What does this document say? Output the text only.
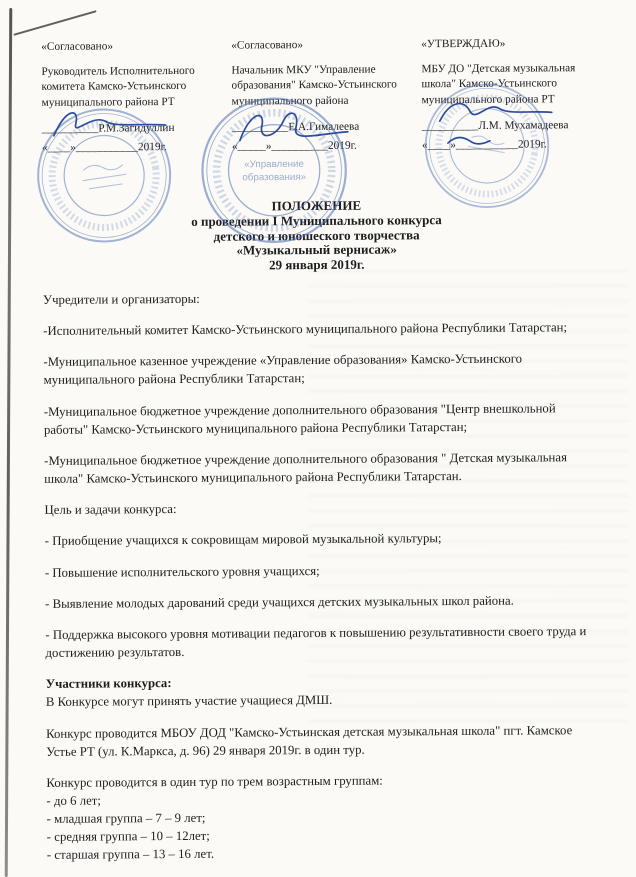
«Согласовано»
Руководитель Исполнительного комитета Камско-Устьинского муниципального района РТ
__________Р.М.Загидуллин
«____»___________2019г.
«Согласовано»
Начальник МКУ "Управление образования" Камско-Устьинского муниципального района
__________Е.А.Гималеева
«_____»__________2019г.
«УТВЕРЖДАЮ»
МБУ ДО "Детская музыкальная школа" Камско-Устьинского муниципального района РТ
__________Л.М. Мухамадеева
«____»___________2019г.
ПОЛОЖЕНИЕ
о проведении I Муниципального конкурса
детского и юношеского творчества
«Музыкальный вернисаж»
29 января 2019г.

Учредители и организаторы:

-Исполнительный комитет Камско-Устьинского муниципального района Республики Татарстан;

-Муниципальное казенное учреждение «Управление образования» Камско-Устьинского муниципального района Республики Татарстан;

-Муниципальное бюджетное учреждение дополнительного образования "Центр внешкольной работы" Камско-Устьинского муниципального района Республики Татарстан;

-Муниципальное бюджетное учреждение дополнительного образования " Детская музыкальная школа" Камско-Устьинского муниципального района Республики Татарстан.

Цель и задачи конкурса:

- Приобщение учащихся к сокровищам мировой музыкальной культуры;

- Повышение исполнительского уровня учащихся;

- Выявление молодых дарований среди учащихся детских музыкальных школ района.

- Поддержка высокого уровня мотивации педагогов к повышению результативности своего труда и достижению результатов.

Участники конкурса:

В Конкурсе могут принять участие учащиеся ДМШ.

Конкурс проводится МБОУ ДОД "Камско-Устьинская детская музыкальная школа" пгт. Камское Устье РТ (ул. К.Маркса, д. 96) 29 января 2019г. в один тур.

Конкурс проводится в один тур по трем возрастным группам:

- до 6 лет;

- младшая группа – 7 – 9 лет;

- средняя группа – 10 – 12лет;

- старшая группа – 13 – 16 лет.

«Управление
образования»
